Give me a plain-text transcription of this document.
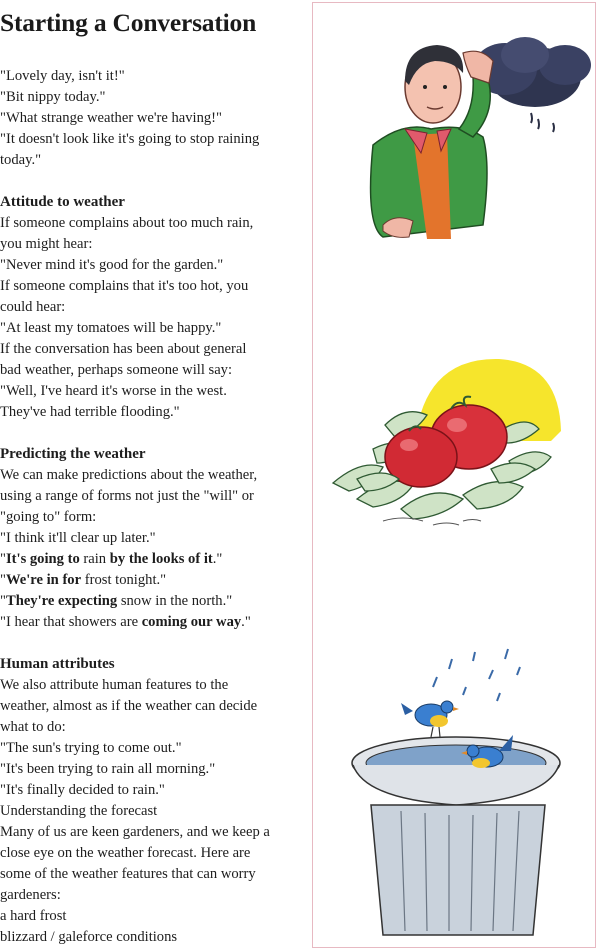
Starting a Conversation

"Lovely day, isn't it!"

"Bit nippy today."

"What strange weather we're having!"

"It doesn't look like it's going to stop raining

today."

Attitude to weather

If someone complains about too much rain,

you might hear:

"Never mind it's good for the garden."

If someone complains that it's too hot, you

could hear:

"At least my tomatoes will be happy."

If the conversation has been about general

bad weather, perhaps someone will say:

"Well, I've heard it's worse in the west.

They've had terrible flooding."

Predicting the weather

We can make predictions about the weather,

using a range of forms not just the "will" or

"going to" form:

"I think it'll clear up later."

"It's going to rain by the looks of it."

"We're in for frost tonight."

"They're expecting snow in the north."

"I hear that showers are coming our way."

Human attributes

We also attribute human features to the

weather, almost as if the weather can decide

what to do:

"The sun's trying to come out."

"It's been trying to rain all morning."

"It's finally decided to rain."

Understanding the forecast

Many of us are keen gardeners, and we keep a

close eye on the weather forecast. Here are

some of the weather features that can worry

gardeners:

a hard frost

blizzard / galeforce conditions
